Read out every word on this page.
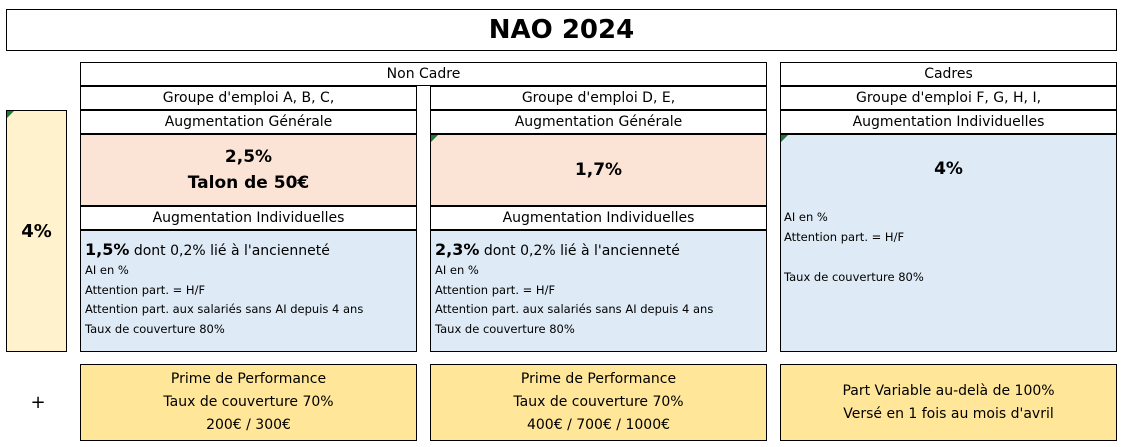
NAO 2024
4%
+
Non Cadre	Cadres
Groupe d'emploi A, B, C,
Augmentation Générale
2,5%
Talon de 50€
Augmentation Individuelles
1,5% dont 0,2% lié à l'ancienneté
AI en %
Attention part. = H/F
Attention part. aux salariés sans AI depuis 4 ans
Taux de couverture 80%
Prime de Performance
Taux de couverture 70%
200€ / 300€
Groupe d'emploi D, E,
Augmentation Générale
1,7%
Augmentation Individuelles
2,3% dont 0,2% lié à l'ancienneté
AI en %
Attention part. = H/F
Attention part. aux salariés sans AI depuis 4 ans
Taux de couverture 80%
Prime de Performance
Taux de couverture 70%
400€ / 700€ / 1000€
Groupe d'emploi F, G, H, I,
Augmentation Individuelles
4%
AI en %
Attention part. = H/F
Taux de couverture 80%
Part Variable au-delà de 100%
Versé en 1 fois au mois d'avril
